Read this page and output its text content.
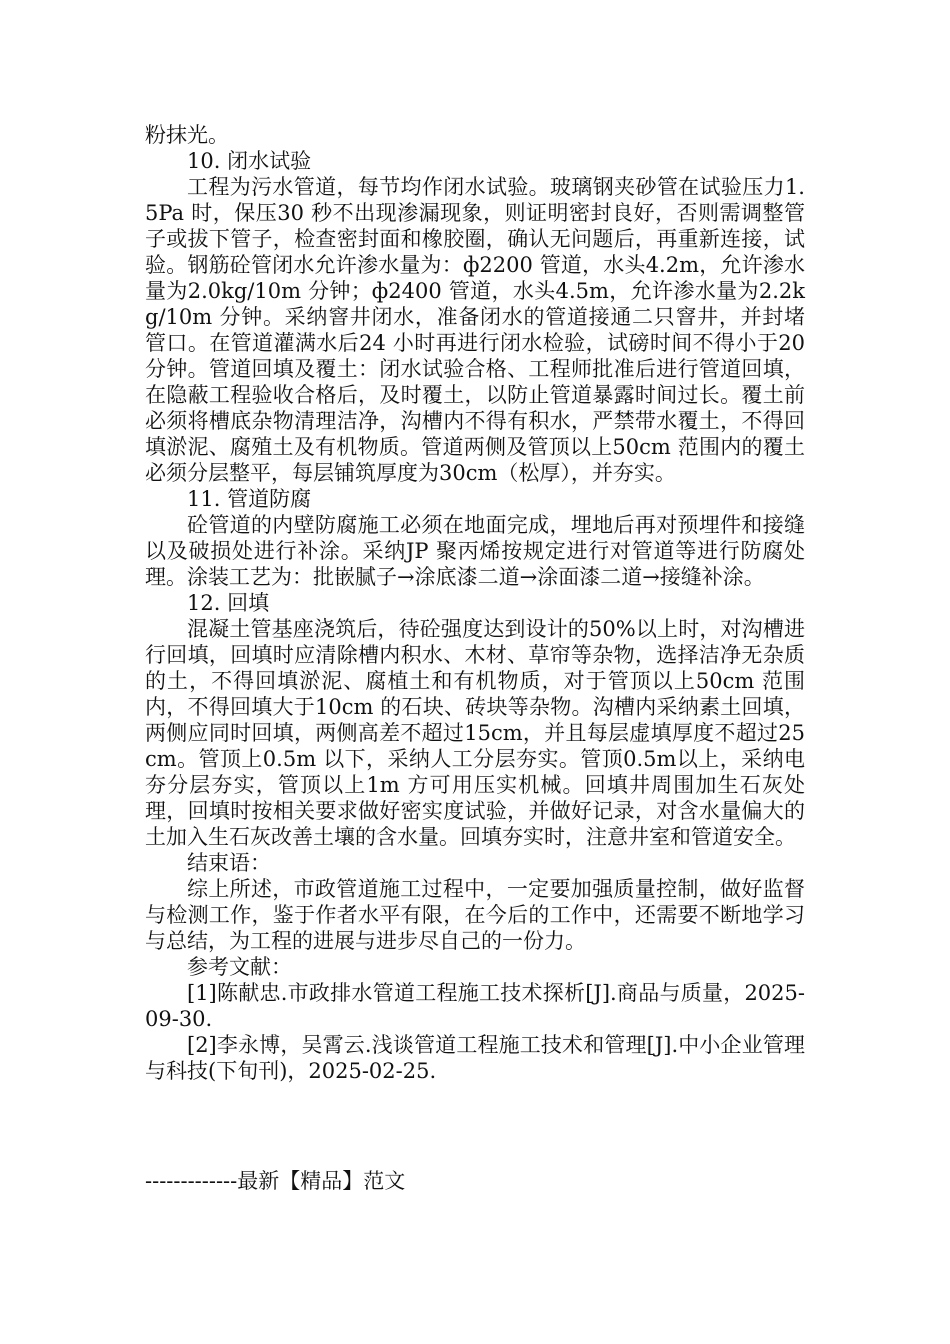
粉抹光。

10. 闭水试验

工程为污水管道，每节均作闭水试验。玻璃钢夹砂管在试验压力1.5Pa 时，保压30 秒不出现渗漏现象，则证明密封良好，否则需调整管子或拔下管子，检查密封面和橡胶圈，确认无问题后，再重新连接，试验。钢筋砼管闭水允许渗水量为：ф2200 管道，水头4.2m，允许渗水量为2.0kg/10m 分钟；ф2400 管道，水头4.5m，允许渗水量为2.2kg/10m 分钟。采纳窨井闭水，准备闭水的管道接通二只窨井，并封堵管口。在管道灌满水后24 小时再进行闭水检验，试磅时间不得小于20 分钟。管道回填及覆土：闭水试验合格、工程师批准后进行管道回填，在隐蔽工程验收合格后，及时覆土，以防止管道暴露时间过长。覆土前必须将槽底杂物清理洁净，沟槽内不得有积水，严禁带水覆土，不得回填淤泥、腐殖土及有机物质。管道两侧及管顶以上50cm 范围内的覆土必须分层整平，每层铺筑厚度为30cm（松厚），并夯实。

11. 管道防腐

砼管道的内壁防腐施工必须在地面完成，埋地后再对预埋件和接缝以及破损处进行补涂。采纳JP 聚丙烯按规定进行对管道等进行防腐处理。涂装工艺为：批嵌腻子→涂底漆二道→涂面漆二道→接缝补涂。

12. 回填

混凝土管基座浇筑后，待砼强度达到设计的50%以上时，对沟槽进行回填，回填时应清除槽内积水、木材、草帘等杂物，选择洁净无杂质的土，不得回填淤泥、腐植土和有机物质，对于管顶以上50cm 范围内，不得回填大于10cm 的石块、砖块等杂物。沟槽内采纳素土回填，两侧应同时回填，两侧高差不超过15cm，并且每层虚填厚度不超过25cm。管顶上0.5m 以下，采纳人工分层夯实。管顶0.5m以上，采纳电夯分层夯实，管顶以上1m 方可用压实机械。回填井周围加生石灰处理，回填时按相关要求做好密实度试验，并做好记录，对含水量偏大的土加入生石灰改善土壤的含水量。回填夯实时，注意井室和管道安全。

结束语：

综上所述，市政管道施工过程中，一定要加强质量控制，做好监督与检测工作，鉴于作者水平有限，在今后的工作中，还需要不断地学习与总结，为工程的进展与进步尽自己的一份力。

参考文献：

[1]陈献忠.市政排水管道工程施工技术探析[J].商品与质量，2025-09-30.

[2]李永博，吴霄云.浅谈管道工程施工技术和管理[J].中小企业管理与科技(下旬刊)，2025-02-25.

-------------最新【精品】范文
